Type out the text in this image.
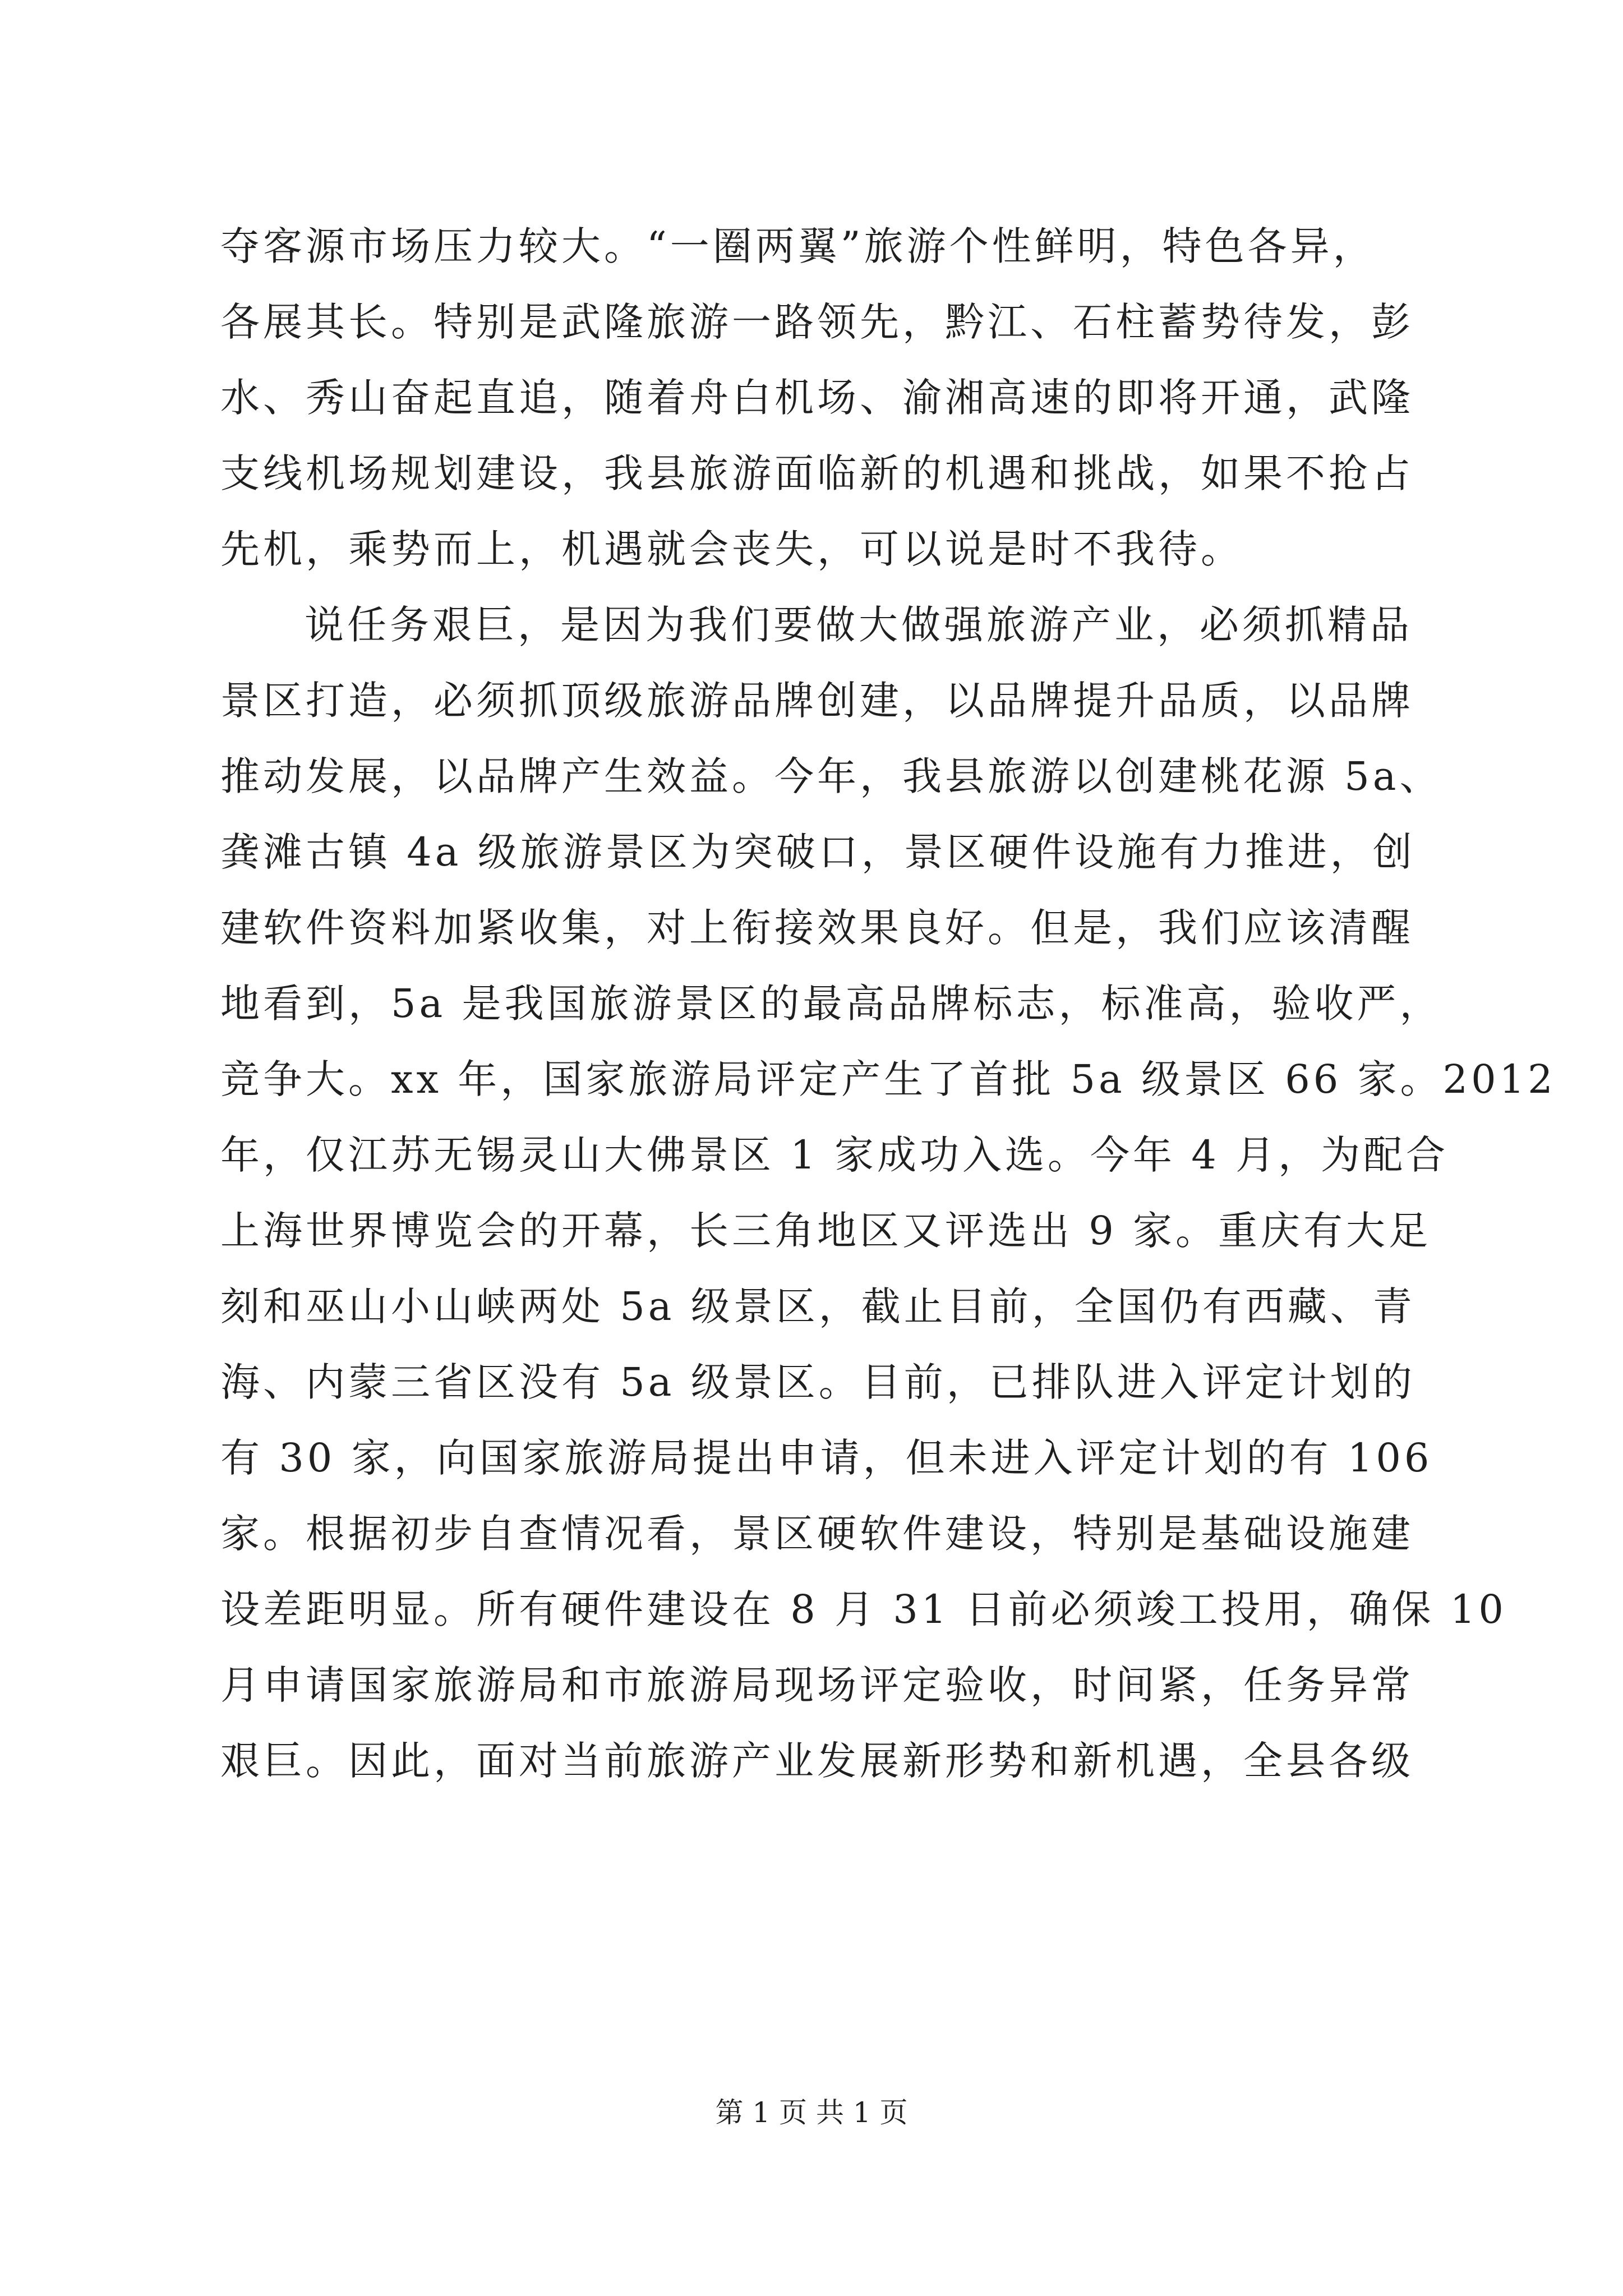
夺客源市场压力较大。“一圈两翼”旅游个性鲜明，特色各异，
各展其长。特别是武隆旅游一路领先，黔江、石柱蓄势待发，彭
水、秀山奋起直追，随着舟白机场、渝湘高速的即将开通，武隆
支线机场规划建设，我县旅游面临新的机遇和挑战，如果不抢占
先机，乘势而上，机遇就会丧失，可以说是时不我待。
说任务艰巨，是因为我们要做大做强旅游产业，必须抓精品
景区打造，必须抓顶级旅游品牌创建，以品牌提升品质，以品牌
推动发展，以品牌产生效益。今年，我县旅游以创建桃花源 5a、
龚滩古镇 4a 级旅游景区为突破口，景区硬件设施有力推进，创
建软件资料加紧收集，对上衔接效果良好。但是，我们应该清醒
地看到，5a 是我国旅游景区的最高品牌标志，标准高，验收严，
竞争大。xx 年，国家旅游局评定产生了首批 5a 级景区 66 家。2012
年，仅江苏无锡灵山大佛景区 1 家成功入选。今年 4 月，为配合
上海世界博览会的开幕，长三角地区又评选出 9 家。重庆有大足
刻和巫山小山峡两处 5a 级景区，截止目前，全国仍有西藏、青
海、内蒙三省区没有 5a 级景区。目前，已排队进入评定计划的
有 30 家，向国家旅游局提出申请，但未进入评定计划的有 106
家。根据初步自查情况看，景区硬软件建设，特别是基础设施建
设差距明显。所有硬件建设在 8 月 31 日前必须竣工投用，确保 10
月申请国家旅游局和市旅游局现场评定验收，时间紧，任务异常
艰巨。因此，面对当前旅游产业发展新形势和新机遇，全县各级
第 1 页 共 1 页
